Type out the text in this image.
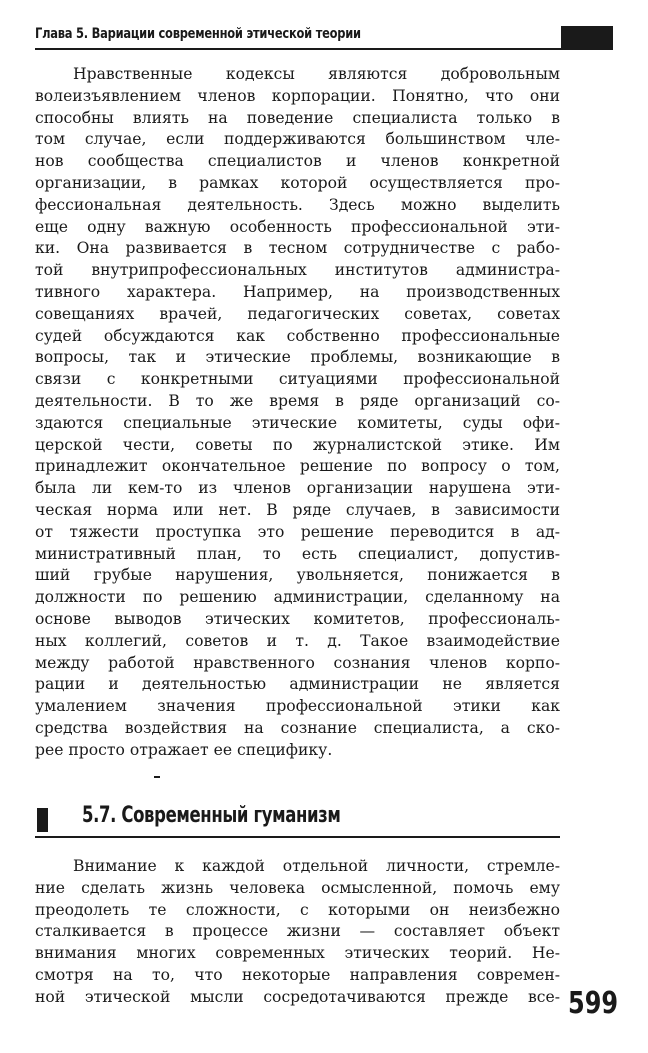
Глава 5. Вариации современной этической теории
Нравственные кодексы являются добровольным
волеизъявлением членов корпорации. Понятно, что они
способны влиять на поведение специалиста только в
том случае, если поддерживаются большинством чле-
нов сообщества специалистов и членов конкретной
организации, в рамках которой осуществляется про-
фессиональная деятельность. Здесь можно выделить
еще одну важную особенность профессиональной эти-
ки. Она развивается в тесном сотрудничестве с рабо-
той внутрипрофессиональных институтов администра-
тивного характера. Например, на производственных
совещаниях врачей, педагогических советах, советах
судей обсуждаются как собственно профессиональные
вопросы, так и этические проблемы, возникающие в
связи с конкретными ситуациями профессиональной
деятельности. В то же время в ряде организаций со-
здаются специальные этические комитеты, суды офи-
церской чести, советы по журналистской этике. Им
принадлежит окончательное решение по вопросу о том,
была ли кем-то из членов организации нарушена эти-
ческая норма или нет. В ряде случаев, в зависимости
от тяжести проступка это решение переводится в ад-
министративный план, то есть специалист, допустив-
ший грубые нарушения, увольняется, понижается в
должности по решению администрации, сделанному на
основе выводов этических комитетов, профессиональ-
ных коллегий, советов и т. д. Такое взаимодействие
между работой нравственного сознания членов корпо-
рации и деятельностью администрации не является
умалением значения профессиональной этики как
средства воздействия на сознание специалиста, а ско-
рее просто отражает ее специфику.
5.7. Современный гуманизм
Внимание к каждой отдельной личности, стремле-
ние сделать жизнь человека осмысленной, помочь ему
преодолеть те сложности, с которыми он неизбежно
сталкивается в процессе жизни — составляет объект
внимания многих современных этических теорий. Не-
смотря на то, что некоторые направления современ-
ной этической мысли сосредотачиваются прежде все- 599
